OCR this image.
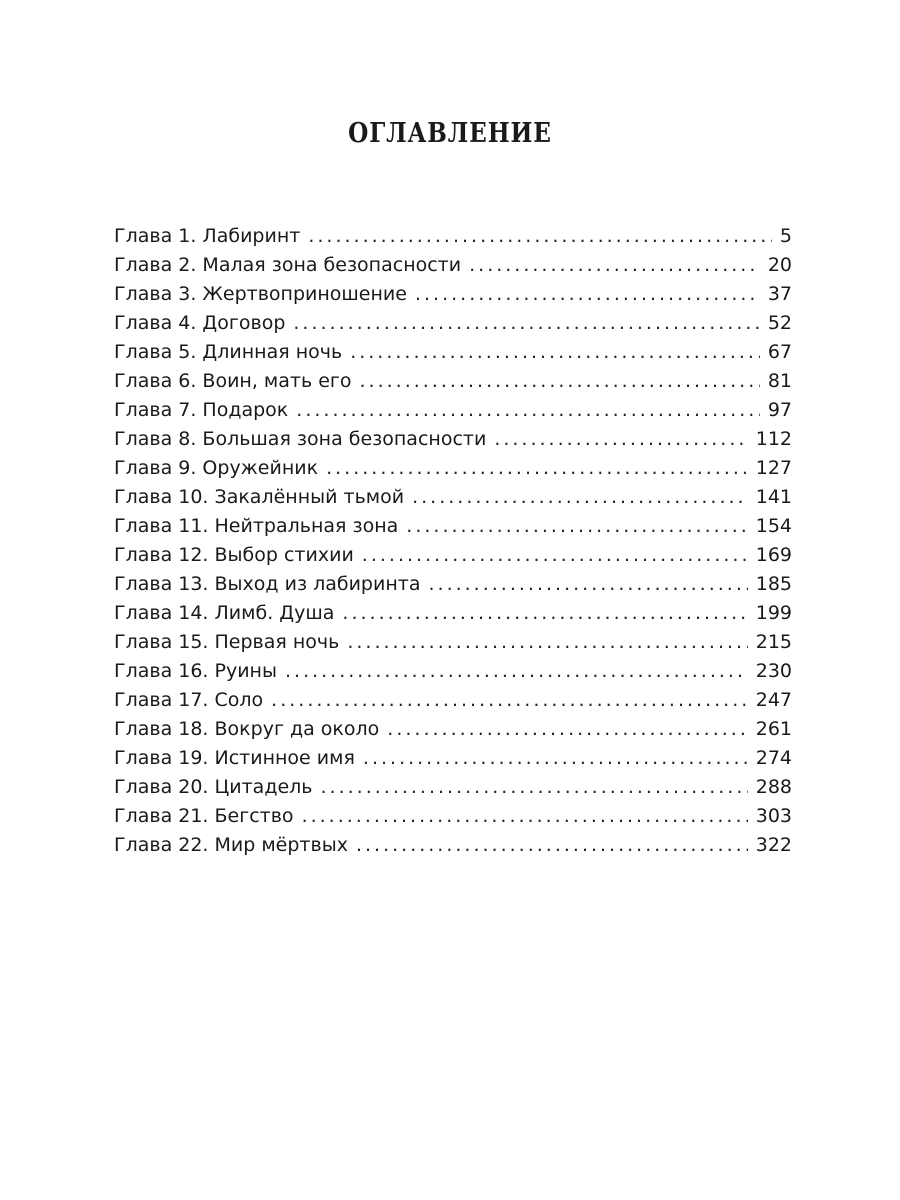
ОГЛАВЛЕНИЕ
Глава 1. Лабиринт .....	5
Глава 2. Малая зона безопасности .....	20
Глава 3. Жертвоприношение .....	37
Глава 4. Договор .....	52
Глава 5. Длинная ночь .....	67
Глава 6. Воин, мать его .....	81
Глава 7. Подарок .....	97
Глава 8. Большая зона безопасности .....	112
Глава 9. Оружейник .....	127
Глава 10. Закалённый тьмой .....	141
Глава 11. Нейтральная зона .....	154
Глава 12. Выбор стихии .....	169
Глава 13. Выход из лабиринта .....	185
Глава 14. Лимб. Душа .....	199
Глава 15. Первая ночь .....	215
Глава 16. Руины .....	230
Глава 17. Соло .....	247
Глава 18. Вокруг да около .....	261
Глава 19. Истинное имя .....	274
Глава 20. Цитадель .....	288
Глава 21. Бегство .....	303
Глава 22. Мир мёртвых .....	322
